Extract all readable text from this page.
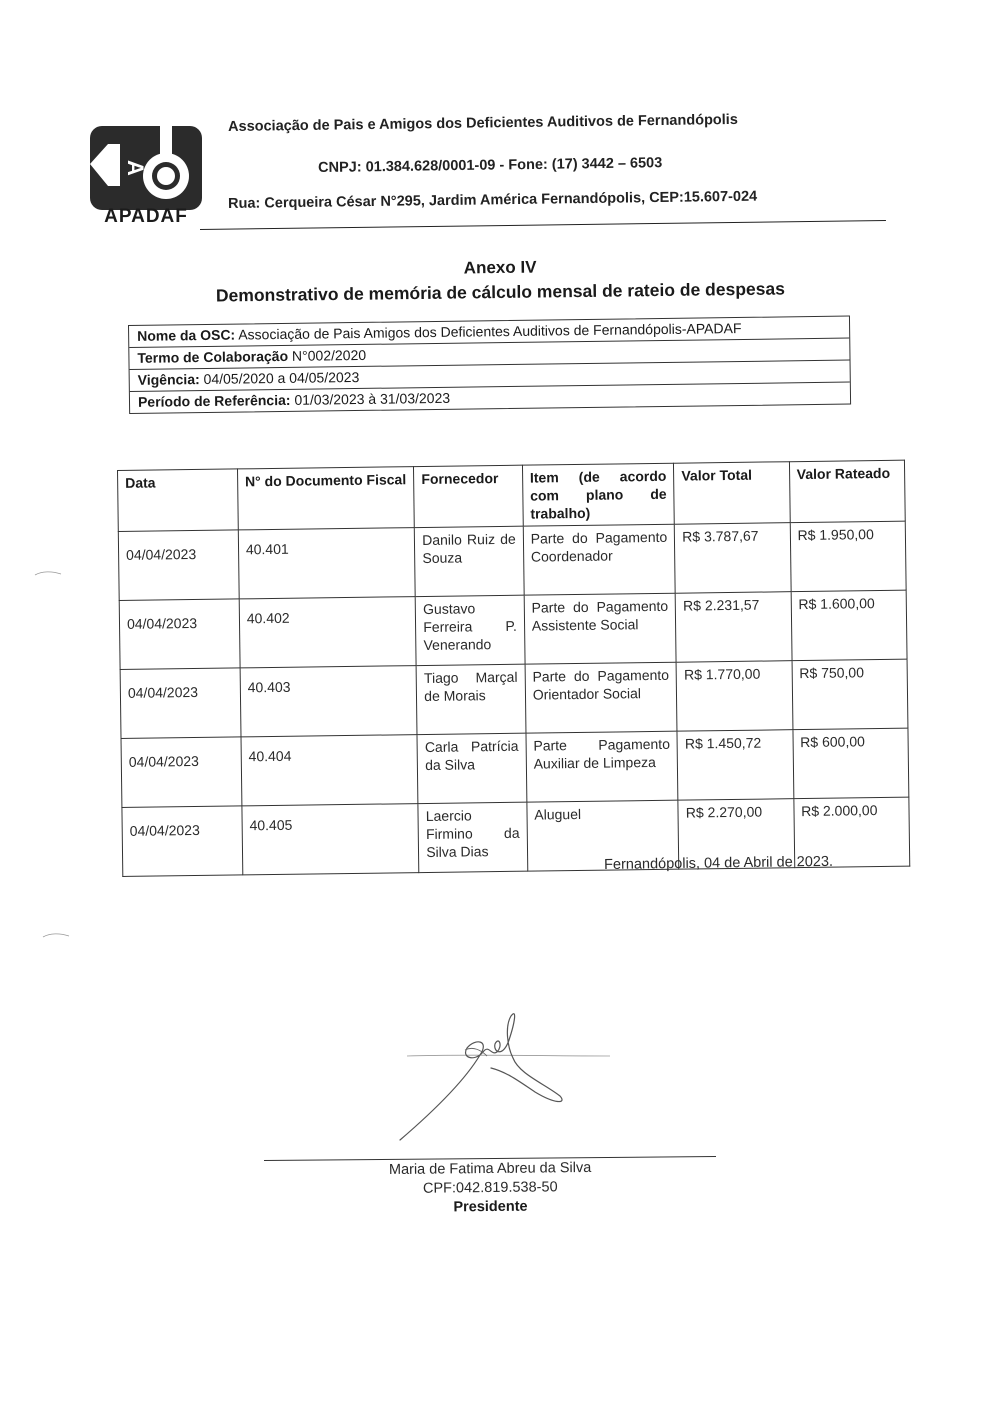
A
APADAF
Associação de Pais e Amigos dos Deficientes Auditivos de Fernandópolis
CNPJ: 01.384.628/0001-09 - Fone: (17) 3442 – 6503
Rua: Cerqueira César N°295, Jardim América Fernandópolis, CEP:15.607-024

Anexo IV

Demonstrativo de memória de cálculo mensal de rateio de despesas

Nome da OSC: Associação de Pais Amigos dos Deficientes Auditivos de Fernandópolis-APADAF
Termo de Colaboração N°002/2020
Vigência: 04/05/2020 a 04/05/2023
Período de Referência: 01/03/2023 à 31/03/2023
Data	N° do Documento Fiscal	Fornecedor	Item (de acordo com plano de trabalho)	Valor Total	Valor Rateado
04/04/2023	40.401	Danilo Ruiz de Souza	Parte do Pagamento Coordenador	R$ 3.787,67	R$ 1.950,00
04/04/2023	40.402	Gustavo Ferreira P. Venerando	Parte do Pagamento Assistente Social	R$ 2.231,57	R$ 1.600,00
04/04/2023	40.403	Tiago Marçal de Morais	Parte do Pagamento Orientador Social	R$ 1.770,00	R$ 750,00
04/04/2023	40.404	Carla Patrícia da Silva	Parte Pagamento Auxiliar de Limpeza	R$ 1.450,72	R$ 600,00
04/04/2023	40.405	Laercio Firmino da Silva Dias	Aluguel	R$ 2.270,00	R$ 2.000,00
Fernandópolis, 04 de Abril de 2023.
Maria de Fatima Abreu da Silva
CPF:042.819.538-50
Presidente
